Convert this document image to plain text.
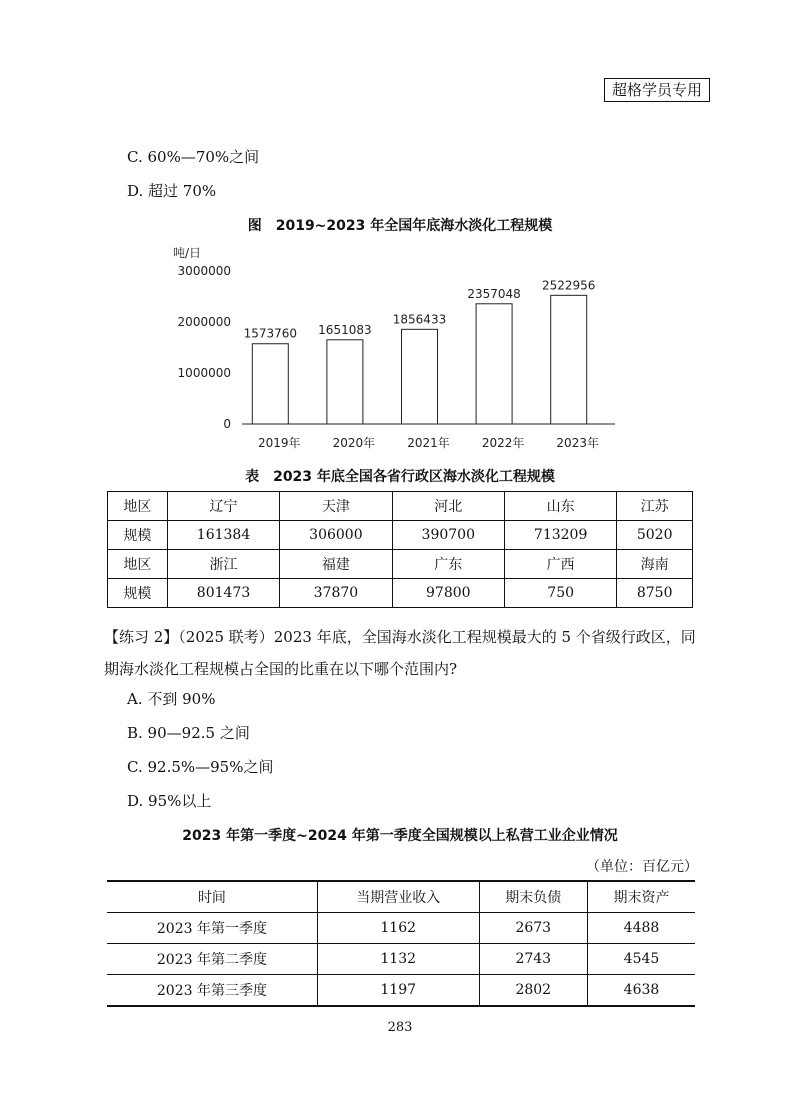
超格学员专用
C. 60%—70%之间
D. 超过 70%
图　2019~2023 年全国年底海水淡化工程规模
吨/日
0
1000000
2000000
3000000
1573760 1651083
1856433
2357048
2522956
2019年	2020年	2021年	2022年	2023年
表　2023 年底全国各省行政区海水淡化工程规模
地区	辽宁	天津	河北	山东	江苏
规模	161384	306000	390700	713209	5020
地区	浙江	福建	广东	广西	海南
规模	801473	37870	97800	750	8750
【练习 2】（2025 联考）2023 年底，全国海水淡化工程规模最大的 5 个省级行政区，同期海水淡化工程规模占全国的比重在以下哪个范围内?
A. 不到 90%
B. 90—92.5 之间
C. 92.5%—95%之间
D. 95%以上
2023 年第一季度~2024 年第一季度全国规模以上私营工业企业情况
（单位：百亿元）
时间	当期营业收入	期末负债	期末资产
2023 年第一季度	1162	2673	4488
2023 年第二季度	1132	2743	4545
2023 年第三季度	1197	2802	4638
283
